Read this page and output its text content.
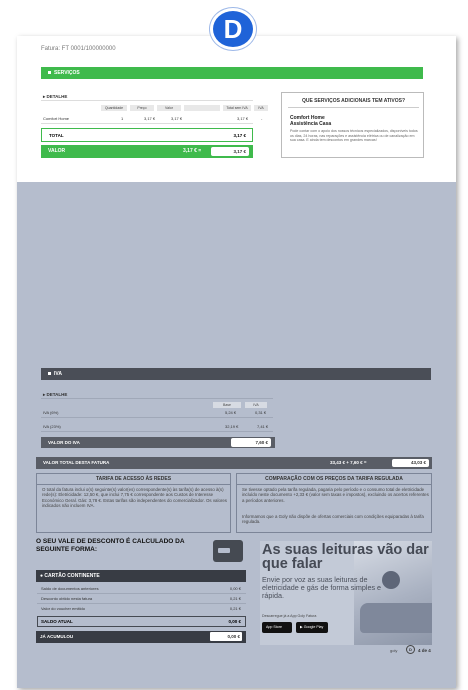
D
Fatura: FT 0001/100000000
SERVIÇOS
▸ DETALHE
Quantidade	Preço	Valor	Total sem IVA	IVA
Comfort Home	1	3,17 €	3,17 €	3,17 €	-
TOTAL	3,17 €
VALOR	3,17 € =	3,17 €
QUE SERVIÇOS ADICIONAIS TEM ATIVOS?
Comfort Home
Assistência Casa
Pode contar com o apoio dos nossos técnicos especializados, disponíveis todos os dias, 24 horas, nas reparações e assistência elétrica ou de canalização em sua casa. E ainda tem descontos em grandes marcas!
IVA
▸ DETALHE
Base	IVA
IVA (6%)	5,24 €	0,31 €
IVA (23%)	32,19 €	7,41 €
VALOR DO IVA	7,60 €
VALOR TOTAL DESTA FATURA	33,43 € + 7,60 € =	43,03 €
TARIFA DE ACESSO ÀS REDES
O total da fatura inclui o(s) seguinte(s) valor(es) correspondente(s) às tarifa(s) de acesso à(s) rede(s): Eletricidade: 12,50 €, que inclui 7,75 € correspondente aos Custos de Interesse Económico Geral. Gás: 3,78 €. Estas tarifas são independentes do comercializador. Os valores indicados não incluem IVA.
COMPARAÇÃO COM OS PREÇOS DA TARIFA REGULADA
Se tivesse optado pela tarifa regulada, pagaria pelo período e o consumo total de eletricidade incluído neste documento +2,33 € (valor sem taxas e impostos), excluindo os acertos referentes a períodos anteriores.
Informamos que a Goly não dispõe de ofertas comerciais com condições equiparadas à tarifa regulada.
O SEU VALE DE DESCONTO É CALCULADO DA SEGUINTE FORMA:
● CARTÃO CONTINENTE
Saldo de documentos anteriores	0,00 €
Desconto obtido nesta fatura	0,21 €
Valor do voucher emitido	0,21 €
SALDO ATUAL	0,00 €
JÁ ACUMULOU	0,00 €
As suas leituras vão dar que falar
Envie por voz as suas leituras de eletricidade e gás de forma simples e rápida.
Descarregue já a App Goly Fatura
App Store	▶ Google Play
goly	D	4 de 4
